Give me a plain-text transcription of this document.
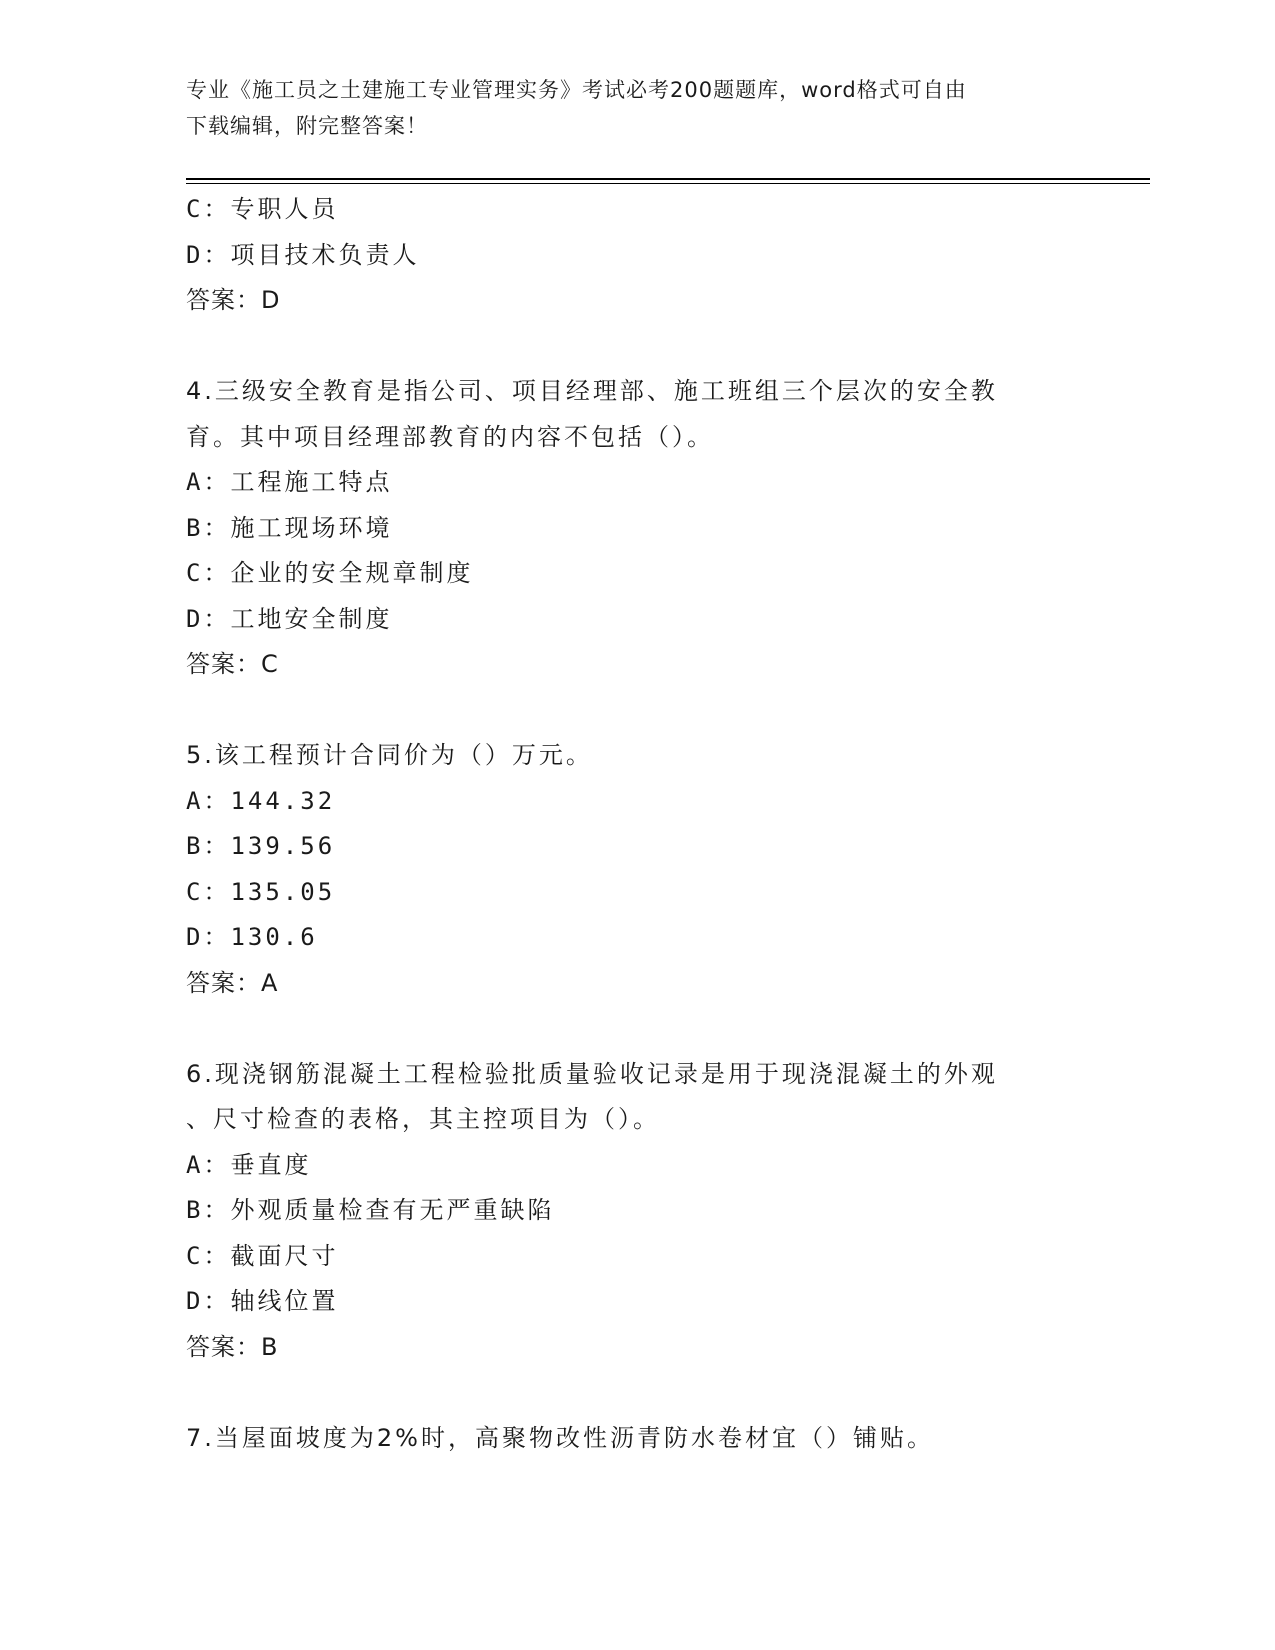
专业《施工员之土建施工专业管理实务》考试必考200题题库，word格式可自由
下载编辑，附完整答案！
C：专职人员
D：项目技术负责人
答案：D
4.三级安全教育是指公司、项目经理部、施工班组三个层次的安全教
育。其中项目经理部教育的内容不包括（）。
A：工程施工特点
B：施工现场环境
C：企业的安全规章制度
D：工地安全制度
答案：C
5.该工程预计合同价为（）万元。
A：144.32
B：139.56
C：135.05
D：130.6
答案：A
6.现浇钢筋混凝土工程检验批质量验收记录是用于现浇混凝土的外观
、尺寸检查的表格，其主控项目为（）。
A：垂直度
B：外观质量检查有无严重缺陷
C：截面尺寸
D：轴线位置
答案：B
7.当屋面坡度为2%时，高聚物改性沥青防水卷材宜（）铺贴。
